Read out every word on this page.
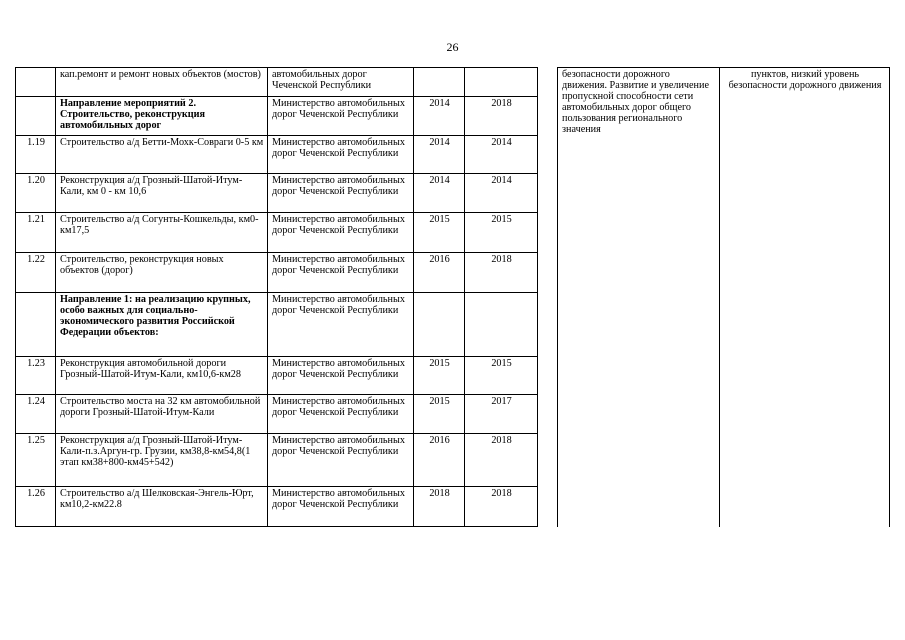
26
	кап.ремонт и ремонт новых объектов (мостов)	автомобильных дорог Чеченской Республики				безопасности дорожного движения. Развитие и увеличение пропускной способности сети автомобильных дорог общего пользования регионального значения	пунктов, низкий уровень безопасности дорожного движения
	Направление мероприятий 2. Строительство, реконструкция автомобильных дорог	Министерство автомобильных дорог Чеченской Республики	2014	2018			
1.19	Строительство а/д Бетти-Мохк-Совраги 0-5 км	Министерство автомобильных дорог Чеченской Республики	2014	2014			
1.20	Реконструкция а/д Грозный-Шатой-Итум-Кали, км 0 - км 10,6	Министерство автомобильных дорог Чеченской Республики	2014	2014			
1.21	Строительство а/д Согунты-Кошкельды, км0-км17,5	Министерство автомобильных дорог Чеченской Республики	2015	2015			
1.22	Строительство, реконструкция новых объектов (дорог)	Министерство автомобильных дорог Чеченской Республики	2016	2018			
	Направление 1: на реализацию крупных, особо важных для социально-экономического развития Российской Федерации объектов:	Министерство автомобильных дорог Чеченской Республики					
1.23	Реконструкция автомобильной дороги Грозный-Шатой-Итум-Кали, км10,6-км28	Министерство автомобильных дорог Чеченской Республики	2015	2015			
1.24	Строительство моста на 32 км автомобильной дороги Грозный-Шатой-Итум-Кали	Министерство автомобильных дорог Чеченской Республики	2015	2017			
1.25	Реконструкция а/д Грозный-Шатой-Итум-Кали-п.з.Аргун-гр. Грузии, км38,8-км54,8(1 этап км38+800-км45+542)	Министерство автомобильных дорог Чеченской Республики	2016	2018			
1.26	Строительство а/д Шелковская-Энгель-Юрт, км10,2-км22.8	Министерство автомобильных дорог Чеченской Республики	2018	2018			
